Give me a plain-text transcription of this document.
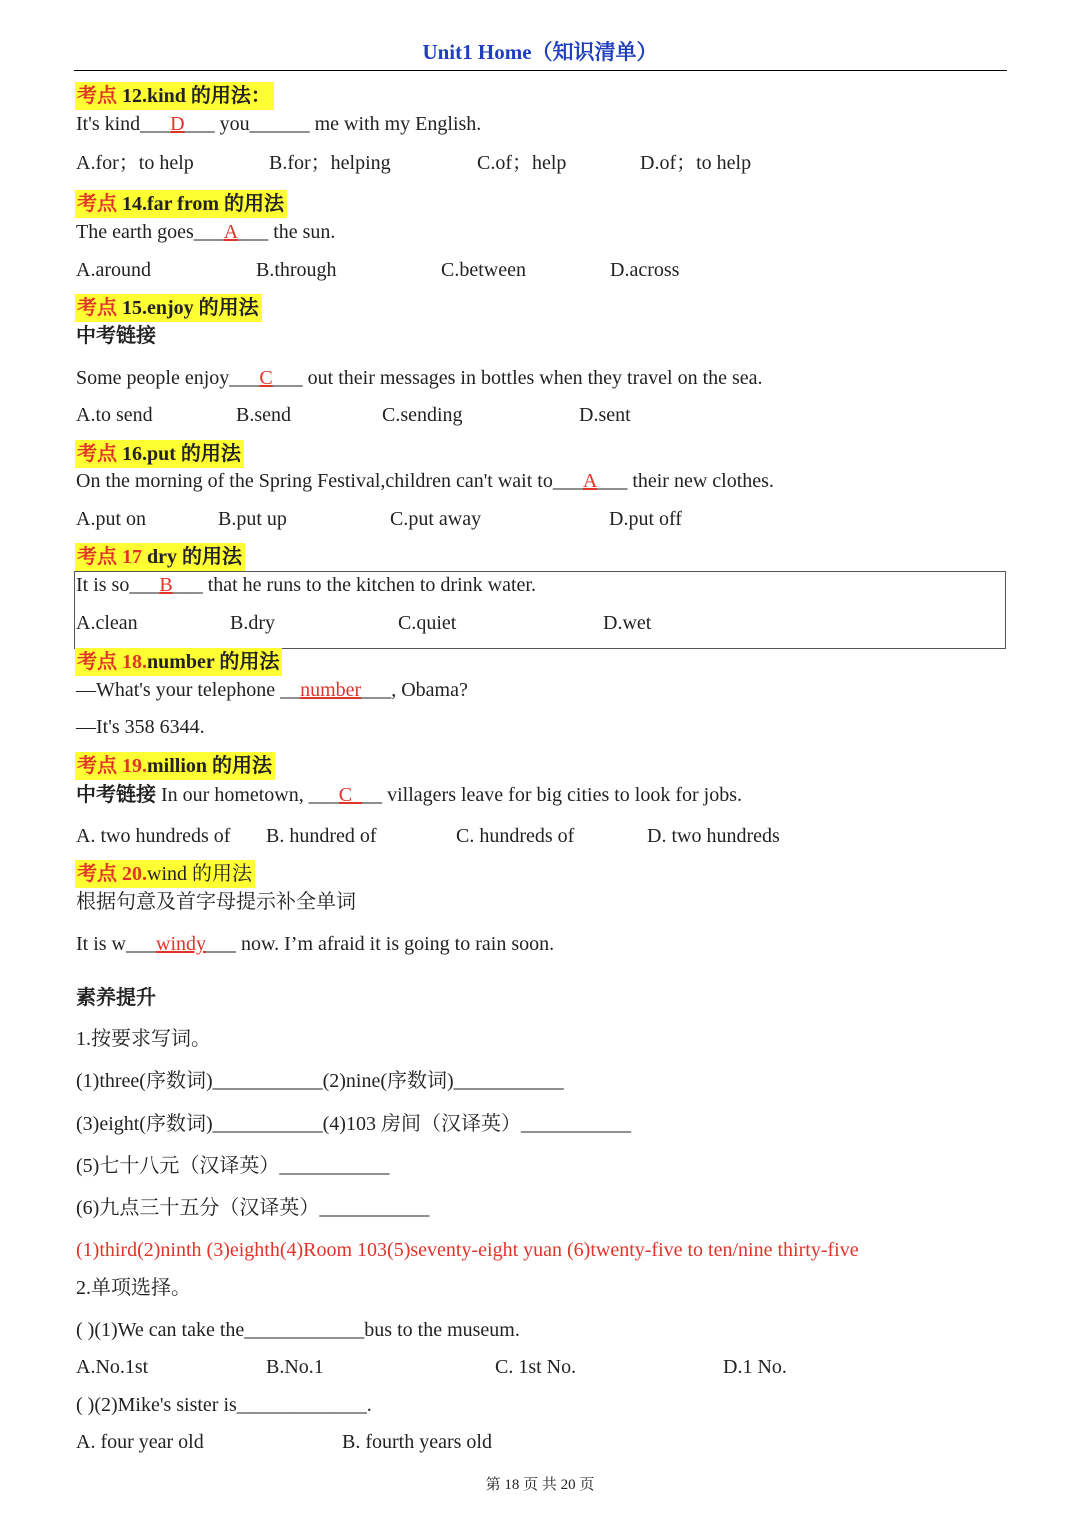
Unit1 Home（知识清单）
考点 12.kind 的用法：
It's kind___D___ you______ me with my English.
A.for；to help	B.for；helping	C.of；help	D.of；to help
考点 14.far from 的用法
The earth goes___A___ the sun.
A.around	B.through	C.between	D.across
考点 15.enjoy 的用法
中考链接
Some people enjoy___C___ out their messages in bottles when they travel on the sea.
A.to send	B.send	C.sending	D.sent
考点 16.put 的用法
On the morning of the Spring Festival,children can't wait to___A___ their new clothes.
A.put on	B.put up	C.put away	D.put off
考点 17 dry 的用法
It is so___B___ that he runs to the kitchen to drink water.
A.clean	B.dry	C.quiet	D.wet
考点 18.number 的用法
—What's your telephone __number___, Obama?
—It's 358 6344.
考点 19.million 的用法
中考链接 In our hometown, ___C___ villagers leave for big cities to look for jobs.
A. two hundreds of B. hundred of	C. hundreds of	D. two hundreds
考点 20.wind 的用法
根据句意及首字母提示补全单词
It is w___windy___ now. I’m afraid it is going to rain soon.
素养提升
1.按要求写词。
(1)three(序数词)___________(2)nine(序数词)___________
(3)eight(序数词)___________(4)103 房间（汉译英）___________
(5)七十八元（汉译英）___________
(6)九点三十五分（汉译英）___________
(1)third(2)ninth (3)eighth(4)Room 103(5)seventy-eight yuan (6)twenty-five to ten/nine thirty-five
2.单项选择。
( )(1)We can take the____________bus to the museum.
A.No.1st	B.No.1	C. 1st No.	D.1 No.
( )(2)Mike's sister is_____________.
A. four year old	B. fourth years old
第 18 页 共 20 页
